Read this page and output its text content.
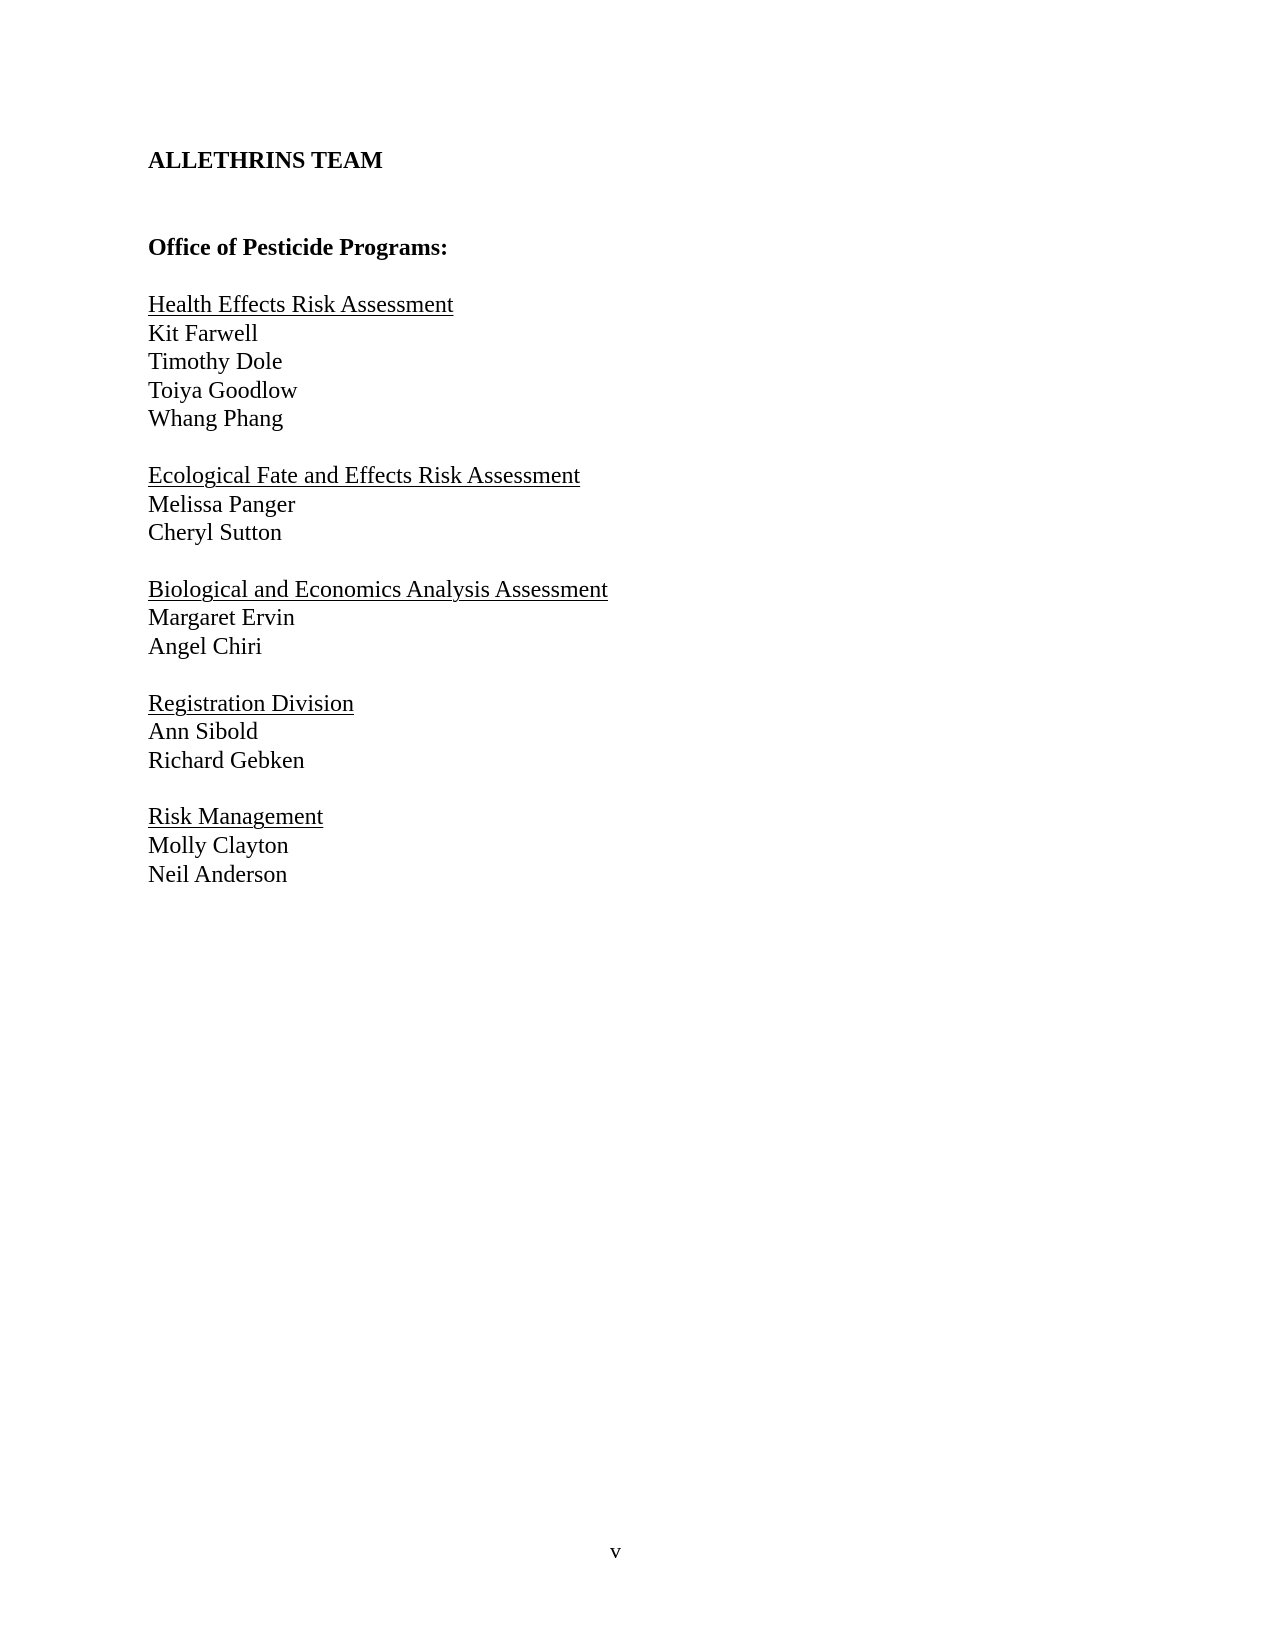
ALLETHRINS TEAM
Office of Pesticide Programs:

Health Effects Risk Assessment

Kit Farwell

Timothy Dole

Toiya Goodlow

Whang Phang

Ecological Fate and Effects Risk Assessment

Melissa Panger

Cheryl Sutton

Biological and Economics Analysis Assessment

Margaret Ervin

Angel Chiri

Registration Division

Ann Sibold

Richard Gebken

Risk Management

Molly Clayton

Neil Anderson

v
